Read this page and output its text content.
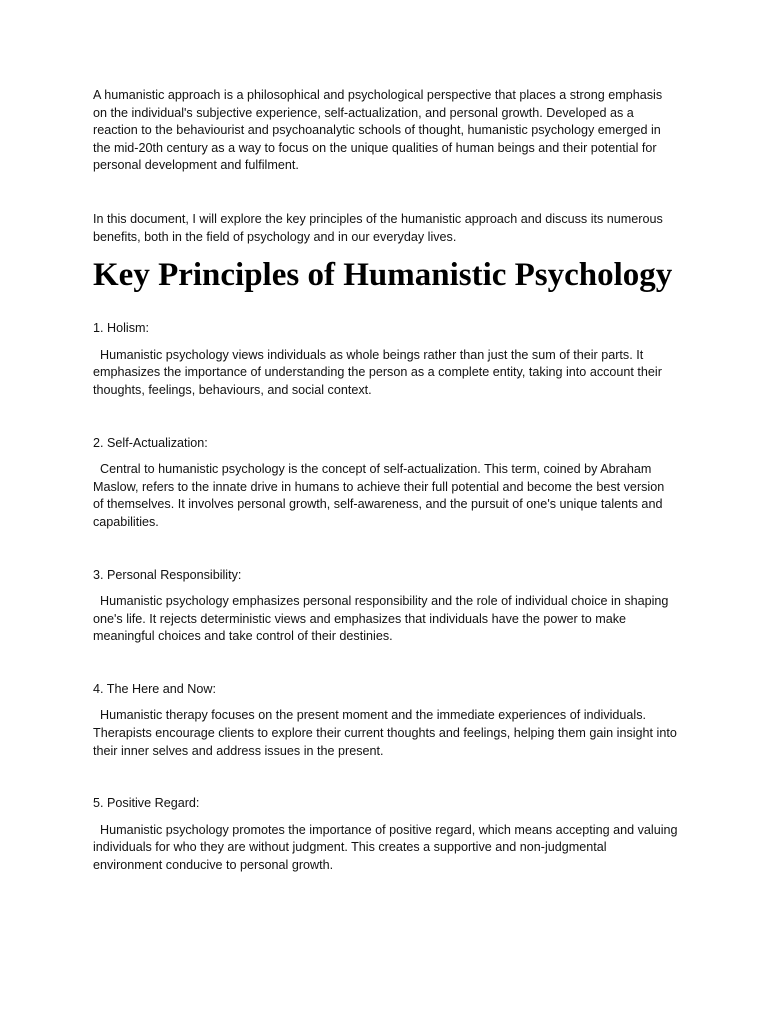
A humanistic approach is a philosophical and psychological perspective that places a strong emphasis on the individual's subjective experience, self-actualization, and personal growth. Developed as a reaction to the behaviourist and psychoanalytic schools of thought, humanistic psychology emerged in the mid-20th century as a way to focus on the unique qualities of human beings and their potential for personal development and fulfilment.

In this document, I will explore the key principles of the humanistic approach and discuss its numerous benefits, both in the field of psychology and in our everyday lives.

Key Principles of Humanistic Psychology

1. Holism:

Humanistic psychology views individuals as whole beings rather than just the sum of their parts. It emphasizes the importance of understanding the person as a complete entity, taking into account their thoughts, feelings, behaviours, and social context.

2. Self-Actualization:

Central to humanistic psychology is the concept of self-actualization. This term, coined by Abraham Maslow, refers to the innate drive in humans to achieve their full potential and become the best version of themselves. It involves personal growth, self-awareness, and the pursuit of one's unique talents and capabilities.

3. Personal Responsibility:

Humanistic psychology emphasizes personal responsibility and the role of individual choice in shaping one's life. It rejects deterministic views and emphasizes that individuals have the power to make meaningful choices and take control of their destinies.

4. The Here and Now:

Humanistic therapy focuses on the present moment and the immediate experiences of individuals. Therapists encourage clients to explore their current thoughts and feelings, helping them gain insight into their inner selves and address issues in the present.

5. Positive Regard:

Humanistic psychology promotes the importance of positive regard, which means accepting and valuing individuals for who they are without judgment. This creates a supportive and non-judgmental environment conducive to personal growth.
